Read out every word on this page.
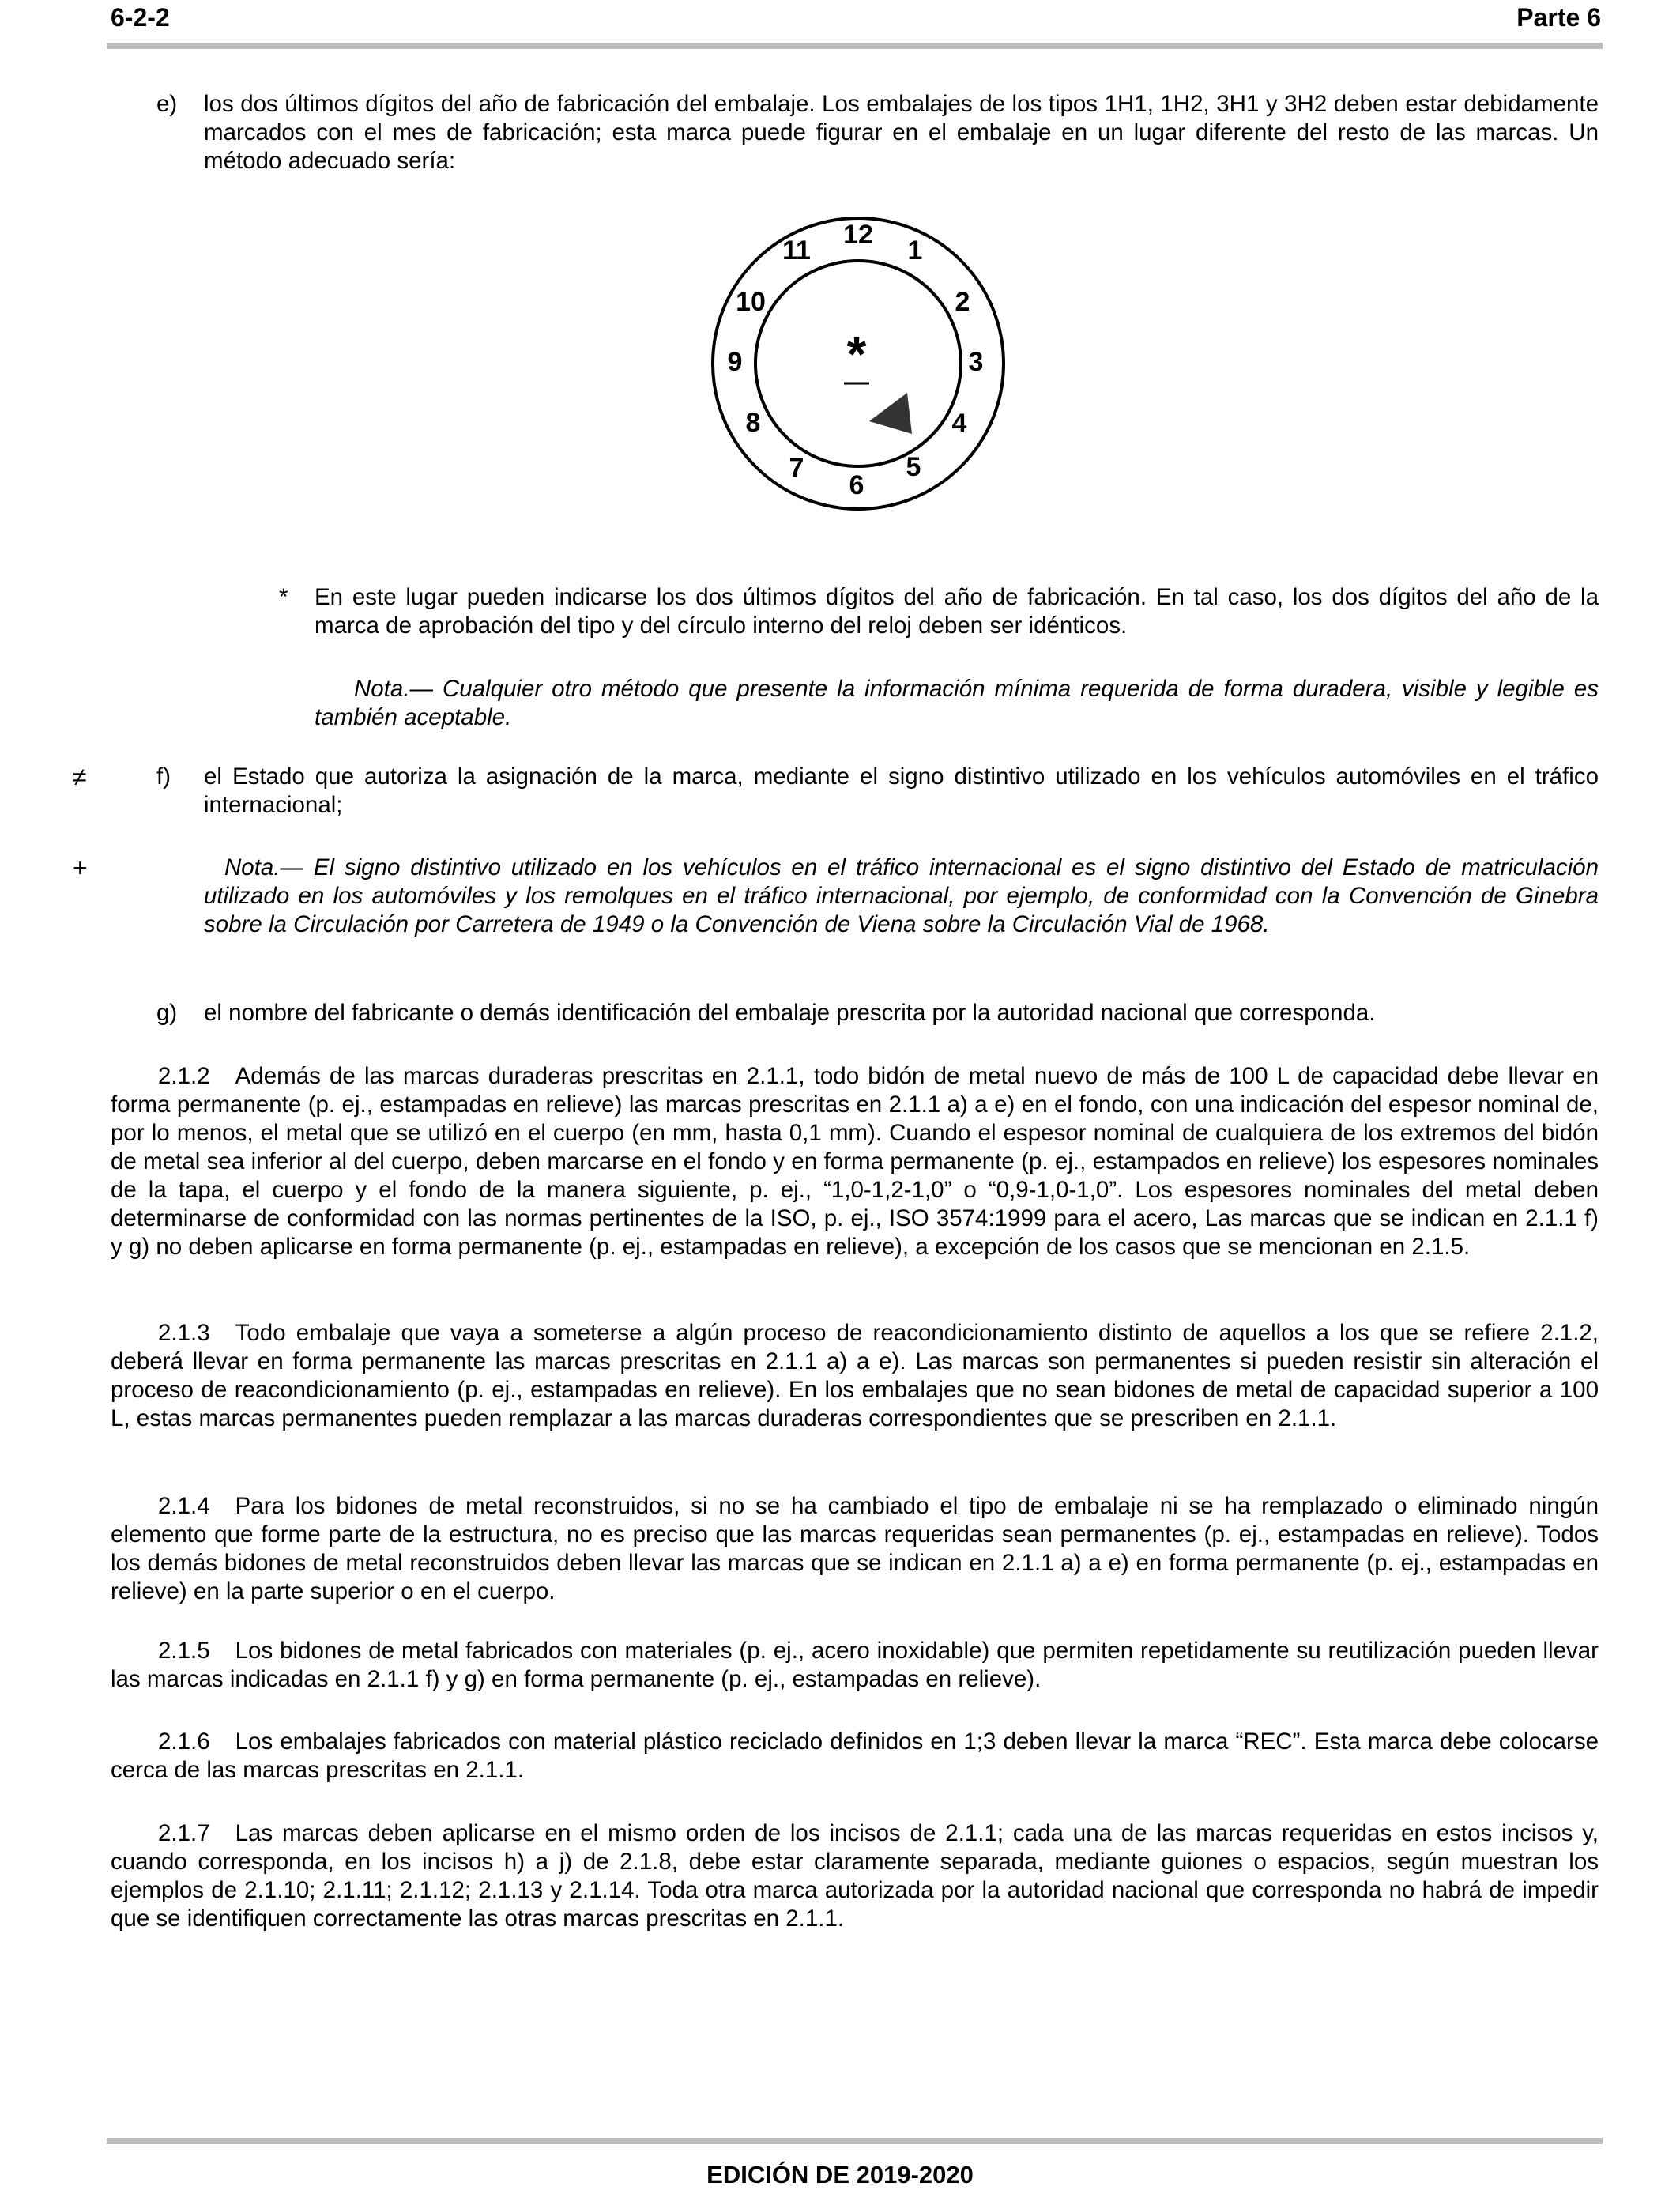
6-2-2	Parte 6
e) los dos últimos dígitos del año de fabricación del embalaje. Los embalajes de los tipos 1H1, 1H2, 3H1 y 3H2 deben estar debidamente marcados con el mes de fabricación; esta marca puede figurar en el embalaje en un lugar diferente del resto de las marcas. Un método adecuado sería:
12
1
2
3
4
5
6
7
8
9
10
11
*
* En este lugar pueden indicarse los dos últimos dígitos del año de fabricación. En tal caso, los dos dígitos del año de la marca de aprobación del tipo y del círculo interno del reloj deben ser idénticos.
Nota.— Cualquier otro método que presente la información mínima requerida de forma duradera, visible y legible es también aceptable.
≠	f) el Estado que autoriza la asignación de la marca, mediante el signo distintivo utilizado en los vehículos automóviles en el tráfico internacional;
+	Nota.— El signo distintivo utilizado en los vehículos en el tráfico internacional es el signo distintivo del Estado de matriculación utilizado en los automóviles y los remolques en el tráfico internacional, por ejemplo, de conformidad con la Convención de Ginebra sobre la Circulación por Carretera de 1949 o la Convención de Viena sobre la Circulación Vial de 1968.
g) el nombre del fabricante o demás identificación del embalaje prescrita por la autoridad nacional que corresponda.
2.1.2 Además de las marcas duraderas prescritas en 2.1.1, todo bidón de metal nuevo de más de 100 L de capacidad debe llevar en forma permanente (p. ej., estampadas en relieve) las marcas prescritas en 2.1.1 a) a e) en el fondo, con una indicación del espesor nominal de, por lo menos, el metal que se utilizó en el cuerpo (en mm, hasta 0,1 mm). Cuando el espesor nominal de cualquiera de los extremos del bidón de metal sea inferior al del cuerpo, deben marcarse en el fondo y en forma permanente (p. ej., estampados en relieve) los espesores nominales de la tapa, el cuerpo y el fondo de la manera siguiente, p. ej., “1,0-1,2-1,0” o “0,9-1,0-1,0”. Los espesores nominales del metal deben determinarse de conformidad con las normas pertinentes de la ISO, p. ej., ISO 3574:1999 para el acero, Las marcas que se indican en 2.1.1 f) y g) no deben aplicarse en forma permanente (p. ej., estampadas en relieve), a excepción de los casos que se mencionan en 2.1.5.
2.1.3 Todo embalaje que vaya a someterse a algún proceso de reacondicionamiento distinto de aquellos a los que se refiere 2.1.2, deberá llevar en forma permanente las marcas prescritas en 2.1.1 a) a e). Las marcas son permanentes si pueden resistir sin alteración el proceso de reacondicionamiento (p. ej., estampadas en relieve). En los embalajes que no sean bidones de metal de capacidad superior a 100 L, estas marcas permanentes pueden remplazar a las marcas duraderas correspondientes que se prescriben en 2.1.1.
2.1.4 Para los bidones de metal reconstruidos, si no se ha cambiado el tipo de embalaje ni se ha remplazado o eliminado ningún elemento que forme parte de la estructura, no es preciso que las marcas requeridas sean permanentes (p. ej., estampadas en relieve). Todos los demás bidones de metal reconstruidos deben llevar las marcas que se indican en 2.1.1 a) a e) en forma permanente (p. ej., estampadas en relieve) en la parte superior o en el cuerpo.
2.1.5 Los bidones de metal fabricados con materiales (p. ej., acero inoxidable) que permiten repetidamente su reutilización pueden llevar las marcas indicadas en 2.1.1 f) y g) en forma permanente (p. ej., estampadas en relieve).
2.1.6 Los embalajes fabricados con material plástico reciclado definidos en 1;3 deben llevar la marca “REC”. Esta marca debe colocarse cerca de las marcas prescritas en 2.1.1.
2.1.7 Las marcas deben aplicarse en el mismo orden de los incisos de 2.1.1; cada una de las marcas requeridas en estos incisos y, cuando corresponda, en los incisos h) a j) de 2.1.8, debe estar claramente separada, mediante guiones o espacios, según muestran los ejemplos de 2.1.10; 2.1.11; 2.1.12; 2.1.13 y 2.1.14. Toda otra marca autorizada por la autoridad nacional que corresponda no habrá de impedir que se identifiquen correctamente las otras marcas prescritas en 2.1.1.
EDICIÓN DE 2019-2020
